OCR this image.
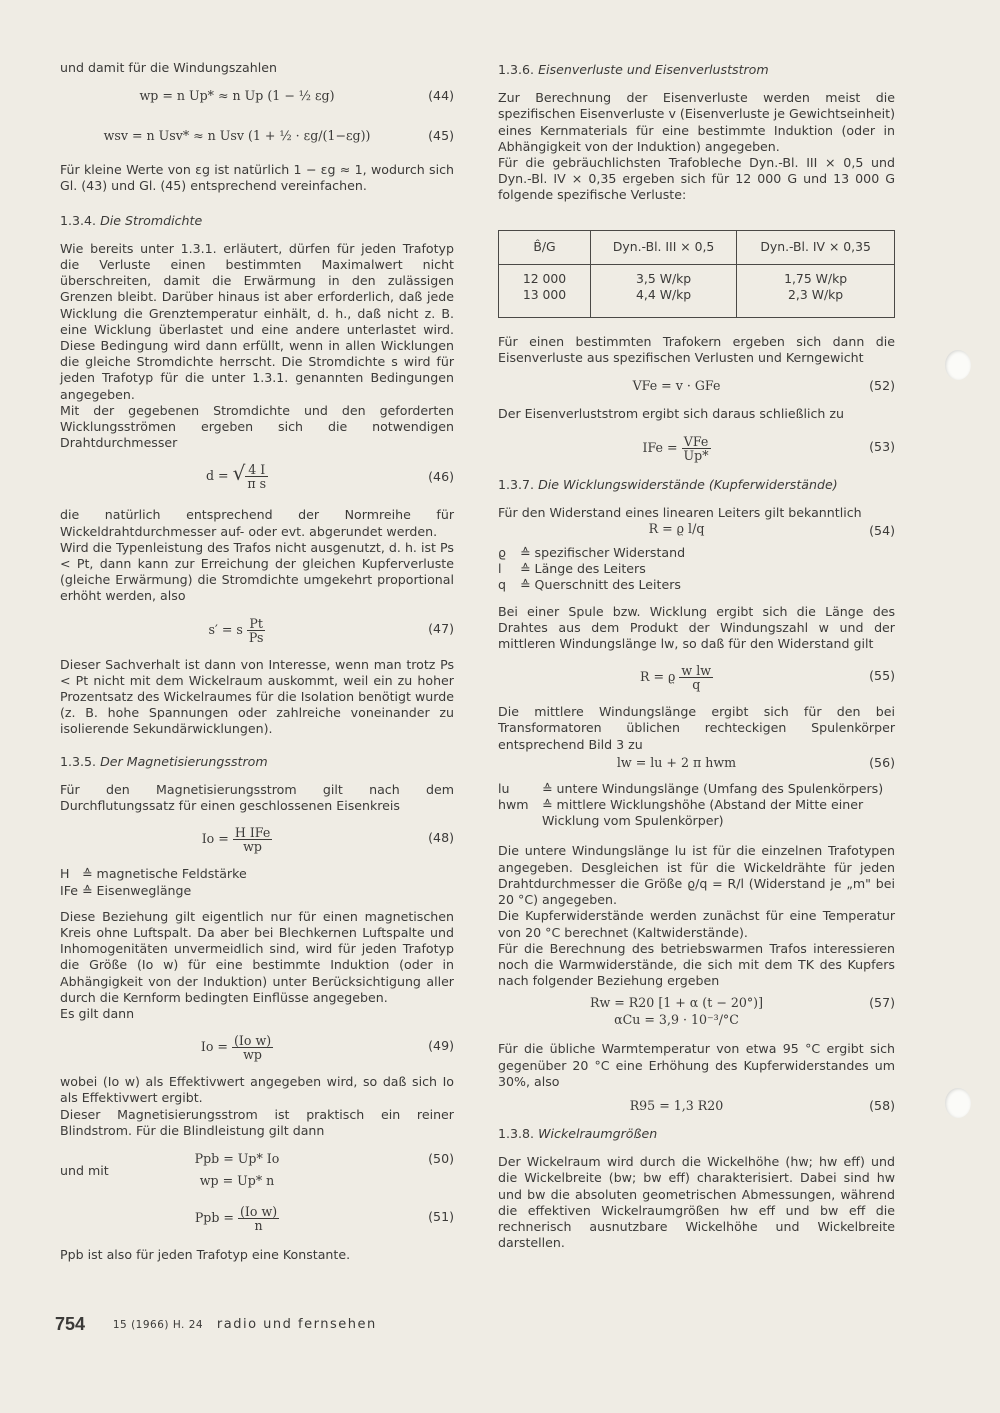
und damit für die Windungszahlen

wp = n Up* ≈ n Up (1 − ½ εg)	(44)
wsv = n Usv* ≈ n Usv (1 + ½ · εg/(1−εg))	(45)

Für kleine Werte von εg ist natürlich 1 − εg ≈ 1, wodurch sich Gl. (43) und Gl. (45) entsprechend vereinfachen.

1.3.4. Die Stromdichte

Wie bereits unter 1.3.1. erläutert, dürfen für jeden Trafotyp die Verluste einen bestimmten Maximalwert nicht überschreiten, damit die Erwärmung in den zulässigen Grenzen bleibt. Darüber hinaus ist aber erforderlich, daß jede Wicklung die Grenztemperatur einhält, d. h., daß nicht z. B. eine Wicklung überlastet und eine andere unterlastet wird. Diese Bedingung wird dann erfüllt, wenn in allen Wicklungen die gleiche Stromdichte herrscht. Die Stromdichte s wird für jeden Trafotyp für die unter 1.3.1. genannten Bedingungen angegeben.

Mit der gegebenen Stromdichte und den geforderten Wicklungsströmen ergeben sich die notwendigen Drahtdurchmesser

d = √ $\frac{4 I}{\text{π s}}$	(46)

die natürlich entsprechend der Normreihe für Wickeldrahtdurchmesser auf- oder evt. abgerundet werden.

Wird die Typenleistung des Trafos nicht ausgenutzt, d. h. ist Ps < Pt, dann kann zur Erreichung der gleichen Kupferverluste (gleiche Erwärmung) die Stromdichte umgekehrt proportional erhöht werden, also

s′ = s $\frac{Pt}{Ps}$	(47)

Dieser Sachverhalt ist dann von Interesse, wenn man trotz Ps < Pt nicht mit dem Wickelraum auskommt, weil ein zu hoher Prozentsatz des Wickelraumes für die Isolation benötigt wurde (z. B. hohe Spannungen oder zahlreiche voneinander zu isolierende Sekundärwicklungen).

1.3.5. Der Magnetisierungsstrom

Für den Magnetisierungsstrom gilt nach dem Durchflutungssatz für einen geschlossenen Eisenkreis

$Io = \frac{\text{H IFe}}{wp}$	(48)
H ≙ magnetische Feldstärke
IFe ≙ Eisenweglänge

Diese Beziehung gilt eigentlich nur für einen magnetischen Kreis ohne Luftspalt. Da aber bei Blechkernen Luftspalte und Inhomogenitäten unvermeidlich sind, wird für jeden Trafotyp die Größe (Io w) für eine bestimmte Induktion (oder in Abhängigkeit von der Induktion) unter Berücksichtigung aller durch die Kernform bedingten Einflüsse angegeben.

Es gilt dann

$Io = \frac{\text{(Io w)}}{wp}$	(49)

wobei (Io w) als Effektivwert angegeben wird, so daß sich Io als Effektivwert ergibt.

Dieser Magnetisierungsstrom ist praktisch ein reiner Blindstrom. Für die Blindleistung gilt dann

Ppb = Up* Io	(50)
und mit
wp = Up* n
Ppb = $\frac{\text{(Io w)}}{n}$	(51)

Ppb ist also für jeden Trafotyp eine Konstante.

1.3.6. Eisenverluste und Eisenverluststrom

Zur Berechnung der Eisenverluste werden meist die spezifischen Eisenverluste v (Eisenverluste je Gewichtseinheit) eines Kernmaterials für eine bestimmte Induktion (oder in Abhängigkeit von der Induktion) angegeben.

Für die gebräuchlichsten Trafobleche Dyn.-Bl. III × 0,5 und Dyn.-Bl. IV × 0,35 ergeben sich für 12 000 G und 13 000 G folgende spezifische Verluste:

B̂/G	Dyn.-Bl. III × 0,5	Dyn.-Bl. IV × 0,35
12 000	3,5 W/kp	1,75 W/kp
13 000	4,4 W/kp	2,3 W/kp

Für einen bestimmten Trafokern ergeben sich dann die Eisenverluste aus spezifischen Verlusten und Kerngewicht

VFe = v · GFe	(52)

Der Eisenverluststrom ergibt sich daraus schließlich zu

IFe = $\frac{\text{VFe}}{Up*}$	(53)
1.3.7. Die Wicklungswiderstände (Kupferwiderstände)

Für den Widerstand eines linearen Leiters gilt bekanntlich

R = ϱ l/q	(54)
ϱ	≙ spezifischer Widerstand
l	≙ Länge des Leiters
q	≙ Querschnitt des Leiters

Bei einer Spule bzw. Wicklung ergibt sich die Länge des Drahtes aus dem Produkt der Windungszahl w und der mittleren Windungslänge lw, so daß für den Widerstand gilt

R = ϱ $\frac{\text{w lw}}{q}$	(55)

Die mittlere Windungslänge ergibt sich für den bei Transformatoren üblichen rechteckigen Spulenkörper entsprechend Bild 3 zu

lw = lu + 2 π hwm	(56)
lu	≙ untere Windungslänge (Umfang des Spulenkörpers)
hwm	≙ mittlere Wicklungshöhe (Abstand der Mitte einer Wicklung vom Spulenkörper)

Die untere Windungslänge lu ist für die einzelnen Trafotypen angegeben. Desgleichen ist für die Wickeldrähte für jeden Drahtdurchmesser die Größe ϱ/q = R/l (Widerstand je „m" bei 20 °C) angegeben.

Die Kupferwiderstände werden zunächst für eine Temperatur von 20 °C berechnet (Kaltwiderstände).

Für die Berechnung des betriebswarmen Trafos interessieren noch die Warmwiderstände, die sich mit dem TK des Kupfers nach folgender Beziehung ergeben

Rw = R20 [1 + α (t − 20°)]
αCu = 3,9 · 10⁻³/°C
(57)

Für die übliche Warmtemperatur von etwa 95 °C ergibt sich gegenüber 20 °C eine Erhöhung des Kupferwiderstandes um 30%, also

R95 = 1,3 R20	(58)
1.3.8. Wickelraumgrößen

Der Wickelraum wird durch die Wickelhöhe (hw; hw eff) und die Wickelbreite (bw; bw eff) charakterisiert. Dabei sind hw und bw die absoluten geometrischen Abmessungen, während die effektiven Wickelraumgrößen hw eff und bw eff die rechnerisch ausnutzbare Wickelhöhe und Wickelbreite darstellen.

754	15 (1966) H. 24 radio und fernsehen
